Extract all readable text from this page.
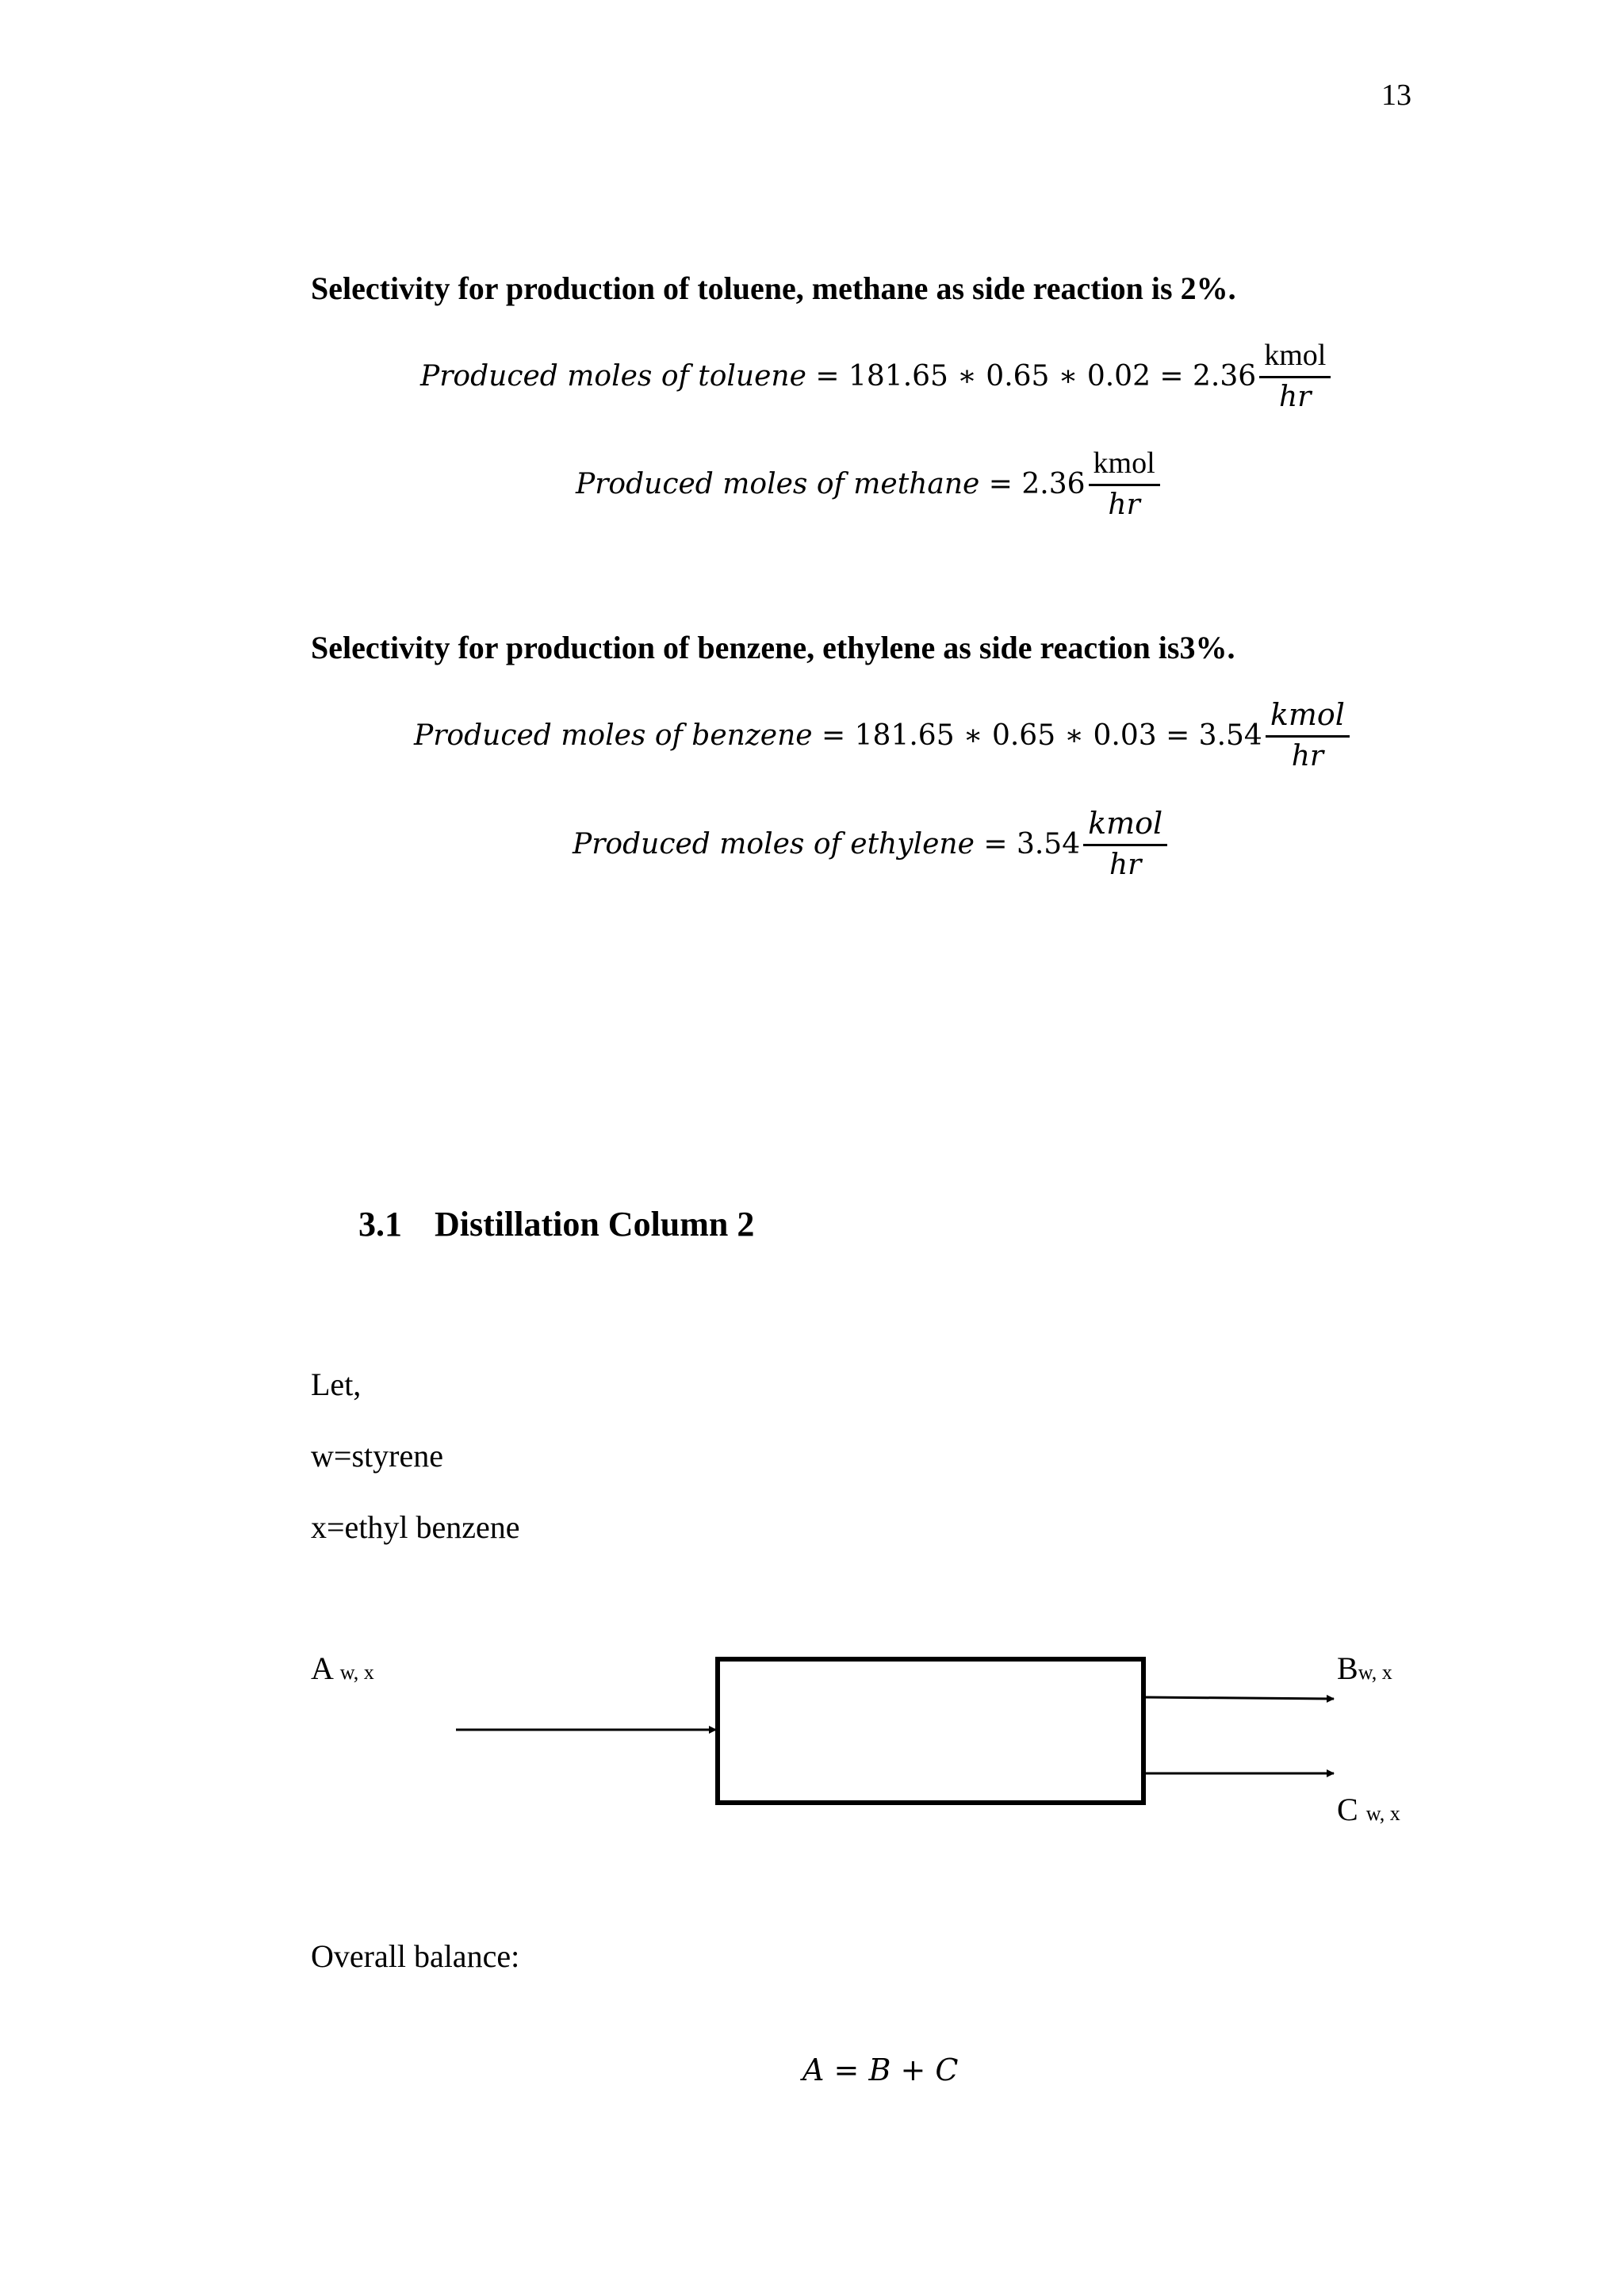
13
Selectivity for production of toluene, methane as side reaction is 2%.
Produced moles of toluene
= 181.65 ∗ 0.65 ∗ $0.02 = 2.36 \frac{\text{kmol}}{hr}$
Produced moles of methane
= $2.36 \frac{\text{kmol}}{hr}$
Selectivity for production of benzene, ethylene as side reaction is3%.
Produced moles of benzene
= 181.65 ∗ 0.65 ∗ $0.03 = 3.54 \frac{\text{kmol}}{hr}$
Produced moles of ethylene
= $3.54 \frac{\text{kmol}}{hr}$
3.1 Distillation Column 2
Let,
w=styrene
x=ethyl benzene
A w, x	Bw, x
C w, x
Overall balance:
A = B + C
